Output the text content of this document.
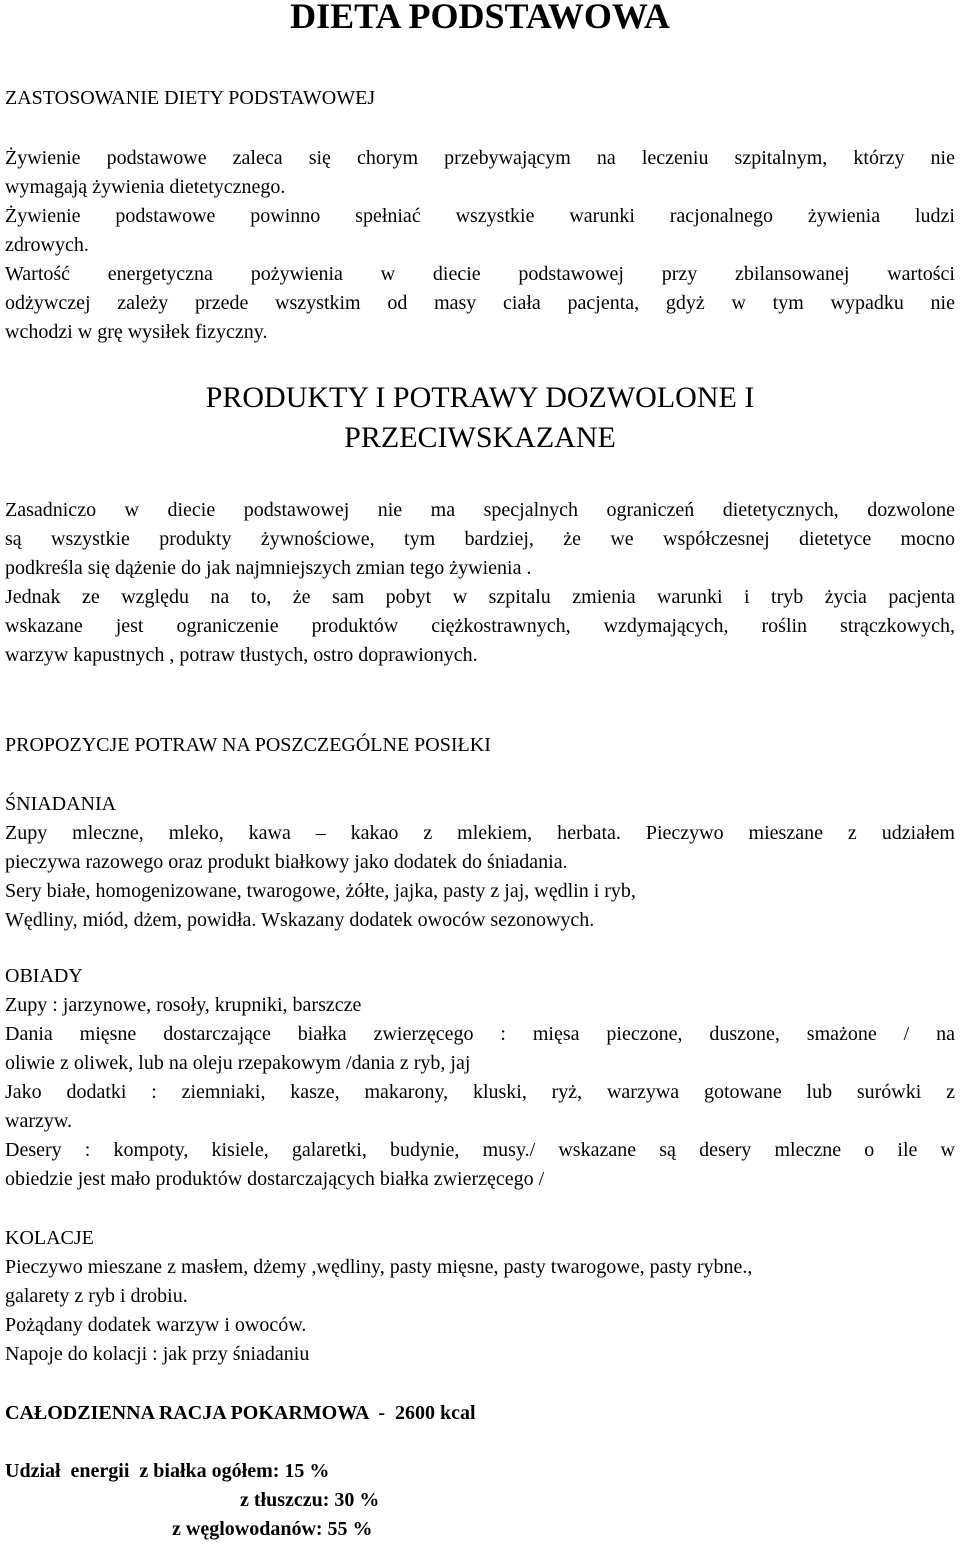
DIETA PODSTAWOWA
ZASTOSOWANIE DIETY PODSTAWOWEJ
Żywienie podstawowe zaleca się chorym przebywającym na leczeniu szpitalnym, którzy nie
wymagają żywienia dietetycznego.
Żywienie podstawowe powinno spełniać wszystkie warunki racjonalnego żywienia ludzi
zdrowych.
Wartość energetyczna pożywienia w diecie podstawowej przy zbilansowanej wartości
odżywczej zależy przede wszystkim od masy ciała pacjenta, gdyż w tym wypadku nie
wchodzi w grę wysiłek fizyczny.
PRODUKTY I POTRAWY DOZWOLONE I
PRZECIWSKAZANE
Zasadniczo w diecie podstawowej nie ma specjalnych ograniczeń dietetycznych, dozwolone
są wszystkie produkty żywnościowe, tym bardziej, że we współczesnej dietetyce mocno
podkreśla się dążenie do jak najmniejszych zmian tego żywienia .
Jednak ze względu na to, że sam pobyt w szpitalu zmienia warunki i tryb życia pacjenta
wskazane jest ograniczenie produktów ciężkostrawnych, wzdymających, roślin strączkowych,
warzyw kapustnych , potraw tłustych, ostro doprawionych.
PROPOZYCJE POTRAW NA POSZCZEGÓLNE POSIŁKI
ŚNIADANIA
Zupy mleczne, mleko, kawa – kakao z mlekiem, herbata. Pieczywo mieszane z udziałem
pieczywa razowego oraz produkt białkowy jako dodatek do śniadania.
Sery białe, homogenizowane, twarogowe, żółte, jajka, pasty z jaj, wędlin i ryb,
Wędliny, miód, dżem, powidła. Wskazany dodatek owoców sezonowych.
OBIADY
Zupy : jarzynowe, rosoły, krupniki, barszcze
Dania mięsne dostarczające białka zwierzęcego : mięsa pieczone, duszone, smażone / na
oliwie z oliwek, lub na oleju rzepakowym /dania z ryb, jaj
Jako dodatki : ziemniaki, kasze, makarony, kluski, ryż, warzywa gotowane lub surówki z
warzyw.
Desery : kompoty, kisiele, galaretki, budynie, musy./ wskazane są desery mleczne o ile w
obiedzie jest mało produktów dostarczających białka zwierzęcego /
KOLACJE
Pieczywo mieszane z masłem, dżemy ,wędliny, pasty mięsne, pasty twarogowe, pasty rybne.,
galarety z ryb i drobiu.
Pożądany dodatek warzyw i owoców.
Napoje do kolacji : jak przy śniadaniu
CAŁODZIENNA RACJA POKARMOWA  -  2600 kcal
Udział  energii  z białka ogółem: 15 %
z tłuszczu: 30 %
z węglowodanów: 55 %
